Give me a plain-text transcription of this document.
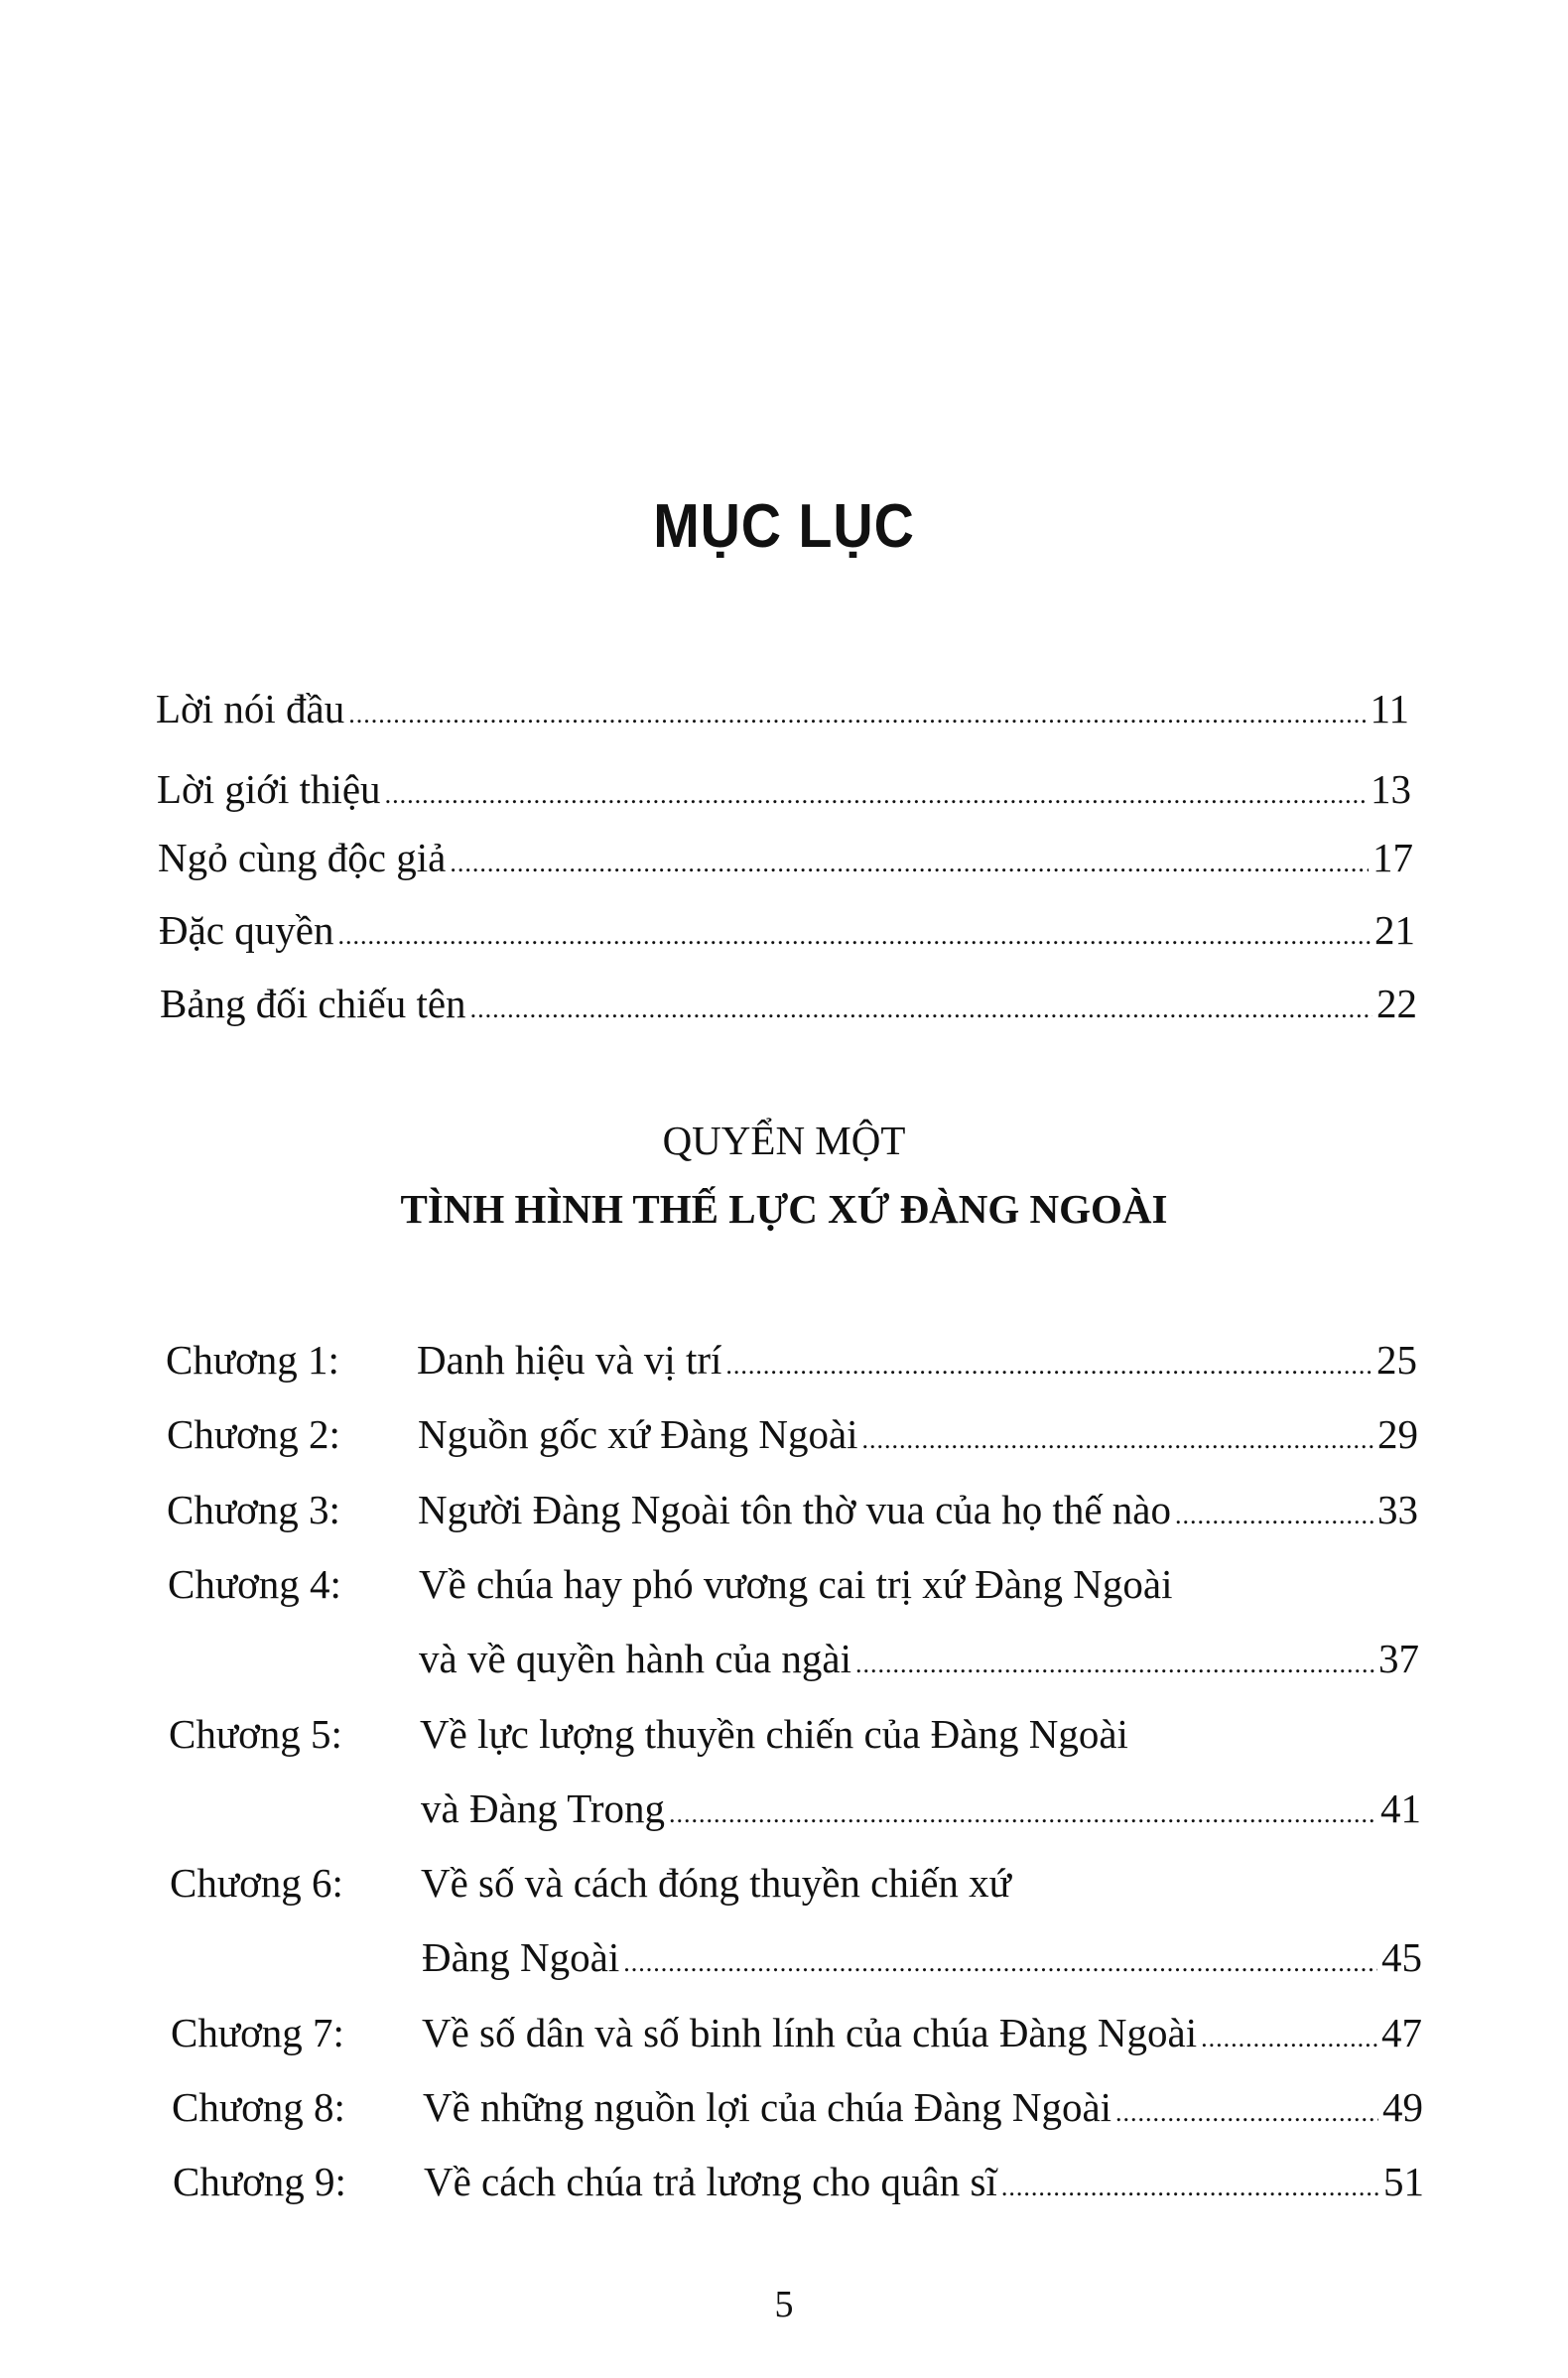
MỤC LỤC
Lời nói đầu .....	11
Lời giới thiệu .....	13
Ngỏ cùng độc giả .....	17
Đặc quyền .....	21
Bảng đối chiếu tên .....	22
QUYỂN MỘT
TÌNH HÌNH THẾ LỰC XỨ ĐÀNG NGOÀI
Chương 1:	Danh hiệu và vị trí .....	25
Chương 2:	Nguồn gốc xứ Đàng Ngoài .....	29
Chương 3:	Người Đàng Ngoài tôn thờ vua của họ thế nào .....	33
Chương 4:	Về chúa hay phó vương cai trị xứ Đàng Ngoài
và về quyền hành của ngài .....	37
Chương 5:	Về lực lượng thuyền chiến của Đàng Ngoài
và Đàng Trong .....	41
Chương 6:	Về số và cách đóng thuyền chiến xứ
Đàng Ngoài .....	45
Chương 7:	Về số dân và số binh lính của chúa Đàng Ngoài .....	47
Chương 8:	Về những nguồn lợi của chúa Đàng Ngoài .....	49
Chương 9:	Về cách chúa trả lương cho quân sĩ .....	51
5
